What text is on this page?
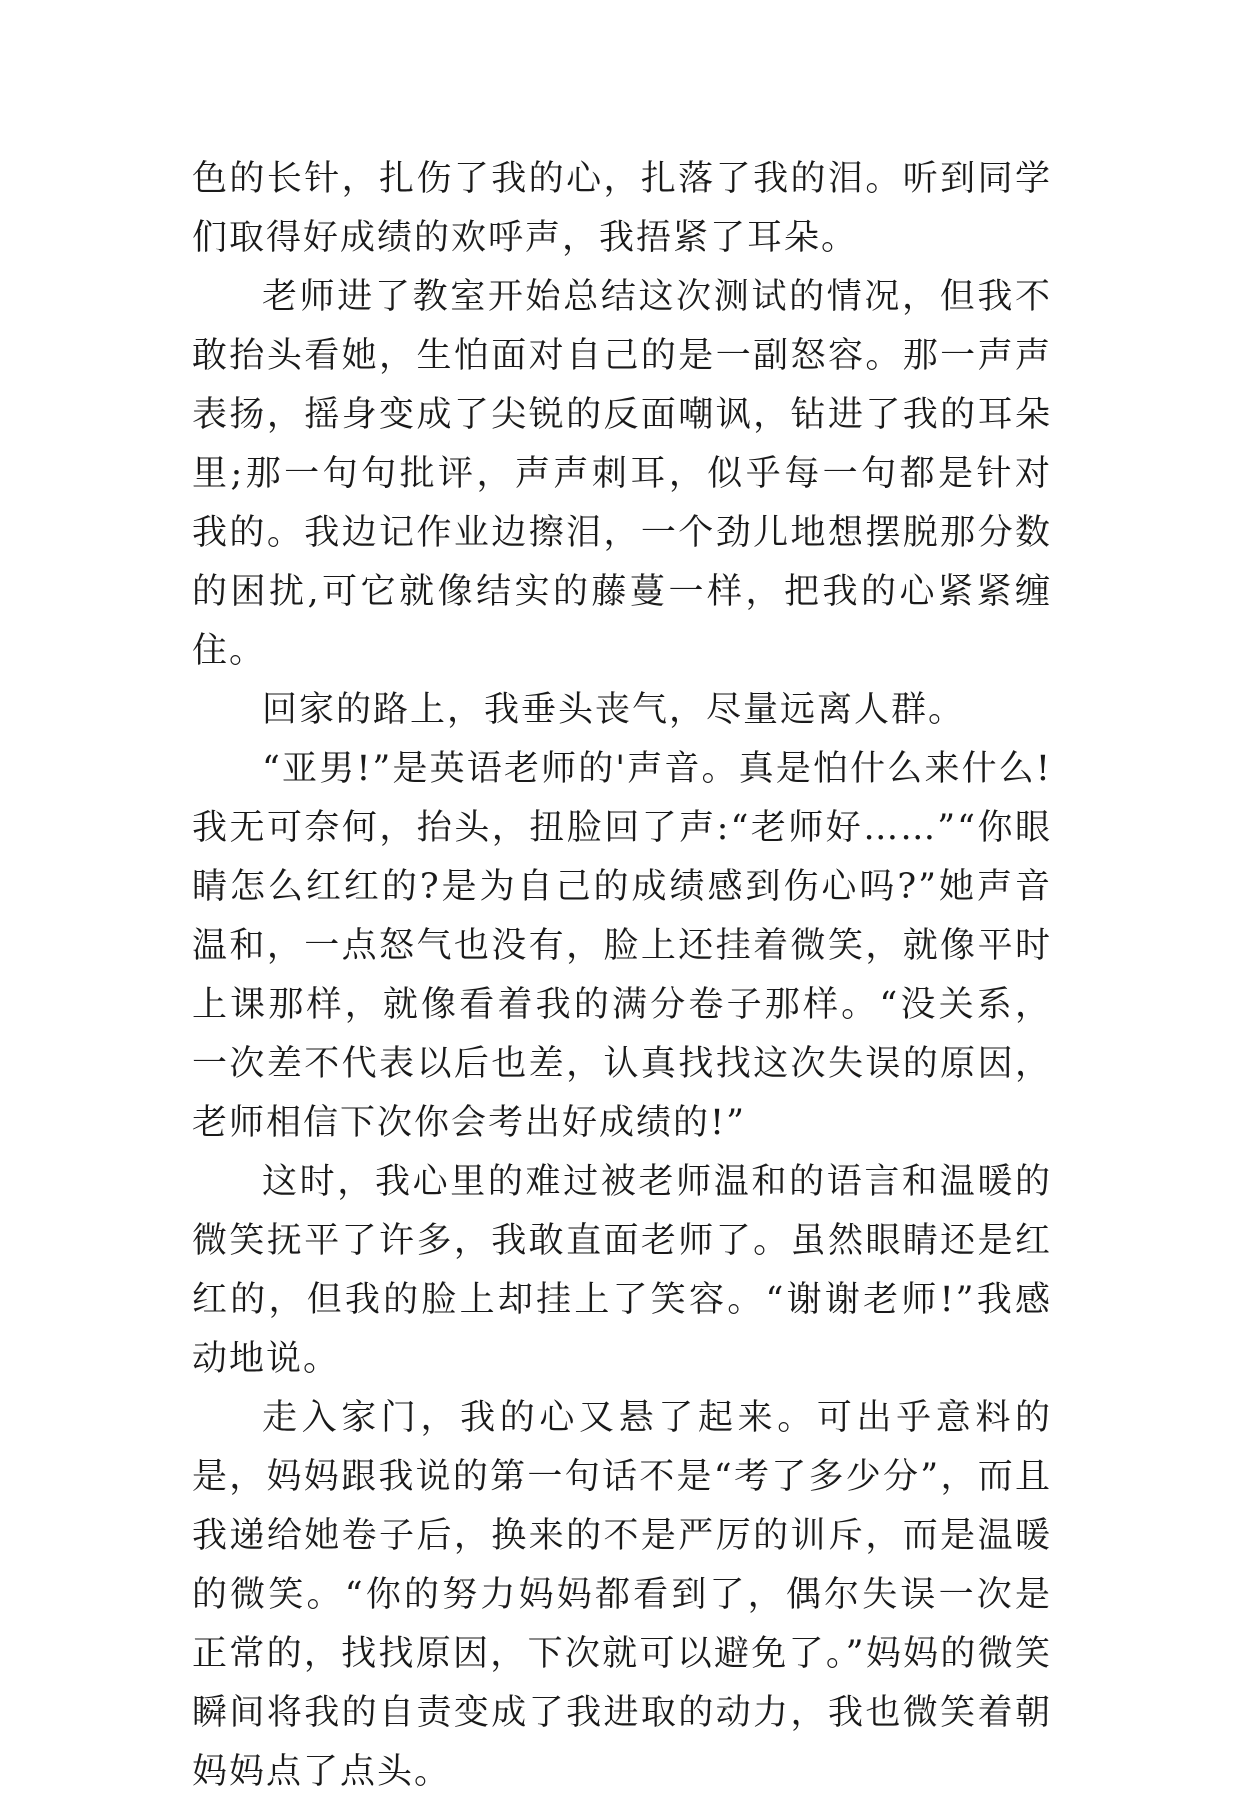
色的长针，扎伤了我的心，扎落了我的泪。听到同学们取得好成绩的欢呼声，我捂紧了耳朵。

老师进了教室开始总结这次测试的情况，但我不敢抬头看她，生怕面对自己的是一副怒容。那一声声表扬，摇身变成了尖锐的反面嘲讽，钻进了我的耳朵里;那一句句批评，声声刺耳，似乎每一句都是针对我的。我边记作业边擦泪，一个劲儿地想摆脱那分数的困扰,可它就像结实的藤蔓一样，把我的心紧紧缠住。

回家的路上，我垂头丧气，尽量远离人群。

“亚男!”是英语老师的'声音。真是怕什么来什么!我无可奈何，抬头，扭脸回了声:“老师好……”“你眼睛怎么红红的?是为自己的成绩感到伤心吗?”她声音温和，一点怒气也没有，脸上还挂着微笑，就像平时上课那样，就像看着我的满分卷子那样。“没关系，一次差不代表以后也差，认真找找这次失误的原因，老师相信下次你会考出好成绩的!”

这时，我心里的难过被老师温和的语言和温暖的微笑抚平了许多，我敢直面老师了。虽然眼睛还是红红的，但我的脸上却挂上了笑容。“谢谢老师!”我感动地说。

走入家门，我的心又悬了起来。可出乎意料的是，妈妈跟我说的第一句话不是“考了多少分”，而且我递给她卷子后，换来的不是严厉的训斥，而是温暖的微笑。“你的努力妈妈都看到了，偶尔失误一次是正常的，找找原因，下次就可以避免了。”妈妈的微笑瞬间将我的自责变成了我进取的动力，我也微笑着朝妈妈点了点头。
